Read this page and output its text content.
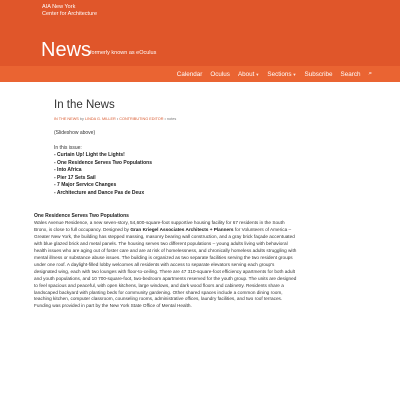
AIA New York
Center for Architecture
News
formerly known as eOculus
Calendar Oculus About▼ Sections▼ Subscribe Search ⌕
In the News
IN THE NEWS by LINDA G. MILLER • CONTRIBUTING EDITOR • notes
(Slideshow above)
In this issue:
- Curtain Up! Light the Lights!
- One Residence Serves Two Populations
- Into Africa
- Pier 17 Sets Sail
- 7 Major Service Changes
- Architecture and Dance Pas de Deux
One Residence Serves Two Populations
Wales Avenue Residence, a new seven-story, 54,600-square-foot supportive housing facility for 67 residents in the South Bronx, is close to full occupancy. Designed by Gran Kriegel Associates Architects + Planners for Volunteers of America – Greater New York, the building has stepped massing, masonry bearing wall construction, and a gray brick façade accentuated with blue glazed brick and metal panels. The housing serves two different populations – young adults living with behavioral health issues who are aging out of foster care and are at risk of homelessness, and chronically homeless adults struggling with mental illness or substance abuse issues. The building is organized as two separate facilities serving the two resident groups under one roof. A daylight-filled lobby welcomes all residents with access to separate elevators serving each group's designated wing, each with two lounges with floor-to-ceiling. There are 47 310-square-foot efficiency apartments for both adult and youth populations, and 10 700-square-foot, two-bedroom apartments reserved for the youth group. The units are designed to feel spacious and peaceful, with open kitchens, large windows, and dark wood floors and cabinetry. Residents share a landscaped backyard with planting beds for community gardening. Other shared spaces include a common dining room, teaching kitchen, computer classroom, counseling rooms, administrative offices, laundry facilities, and two roof terraces. Funding was provided in part by the New York State Office of Mental Health.
